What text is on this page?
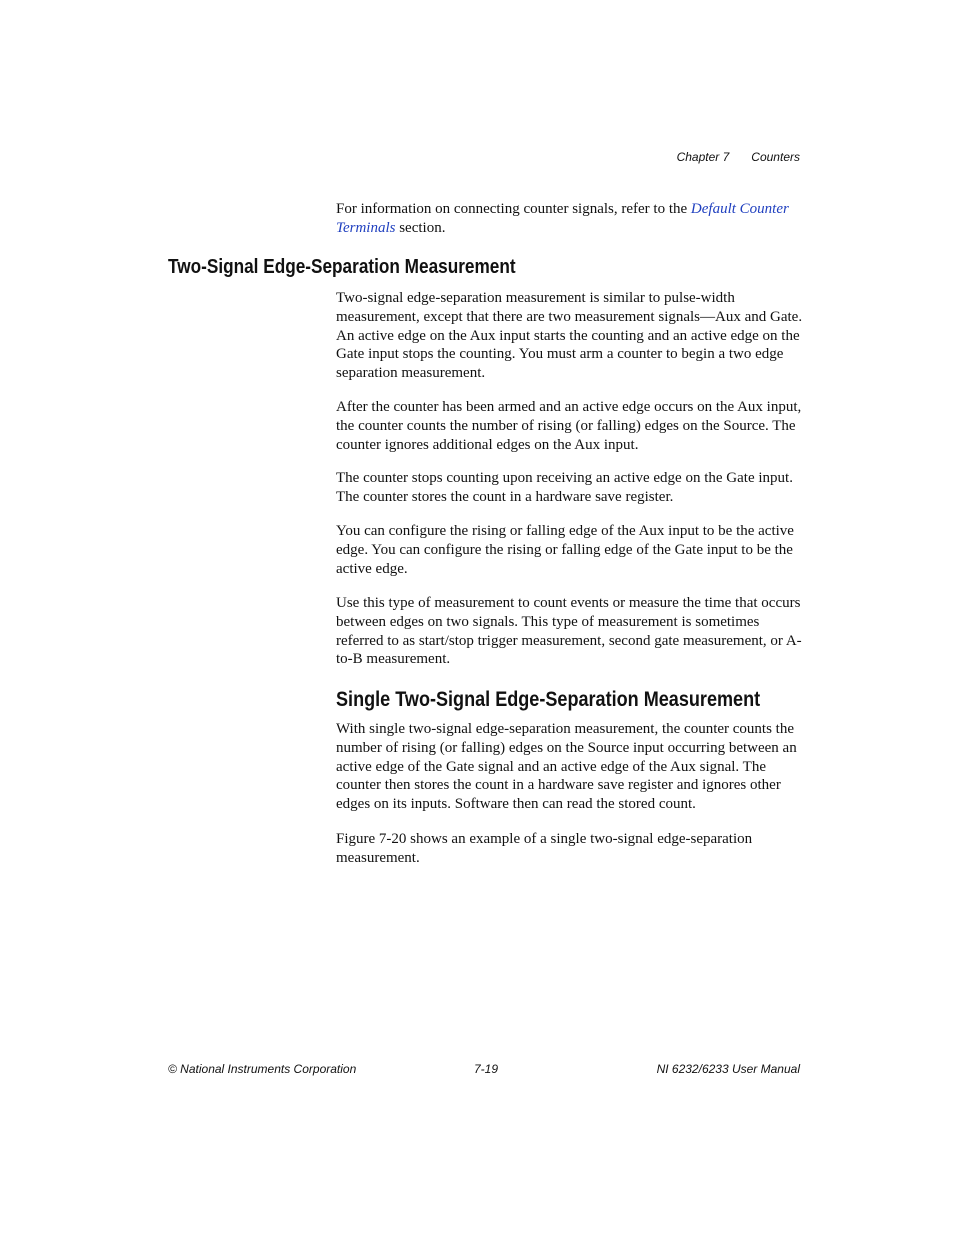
Chapter 7 Counters

For information on connecting counter signals, refer to the Default Counter Terminals section.

Two-Signal Edge-Separation Measurement

Two-signal edge-separation measurement is similar to pulse-width measurement, except that there are two measurement signals—Aux and Gate. An active edge on the Aux input starts the counting and an active edge on the Gate input stops the counting. You must arm a counter to begin a two edge separation measurement.

After the counter has been armed and an active edge occurs on the Aux input, the counter counts the number of rising (or falling) edges on the Source. The counter ignores additional edges on the Aux input.

The counter stops counting upon receiving an active edge on the Gate input. The counter stores the count in a hardware save register.

You can configure the rising or falling edge of the Aux input to be the active edge. You can configure the rising or falling edge of the Gate input to be the active edge.

Use this type of measurement to count events or measure the time that occurs between edges on two signals. This type of measurement is sometimes referred to as start/stop trigger measurement, second gate measurement, or A-to-B measurement.

Single Two-Signal Edge-Separation Measurement

With single two-signal edge-separation measurement, the counter counts the number of rising (or falling) edges on the Source input occurring between an active edge of the Gate signal and an active edge of the Aux signal. The counter then stores the count in a hardware save register and ignores other edges on its inputs. Software then can read the stored count.

Figure 7-20 shows an example of a single two-signal edge-separation measurement.

© National Instruments Corporation	7-19	NI 6232/6233 User Manual
